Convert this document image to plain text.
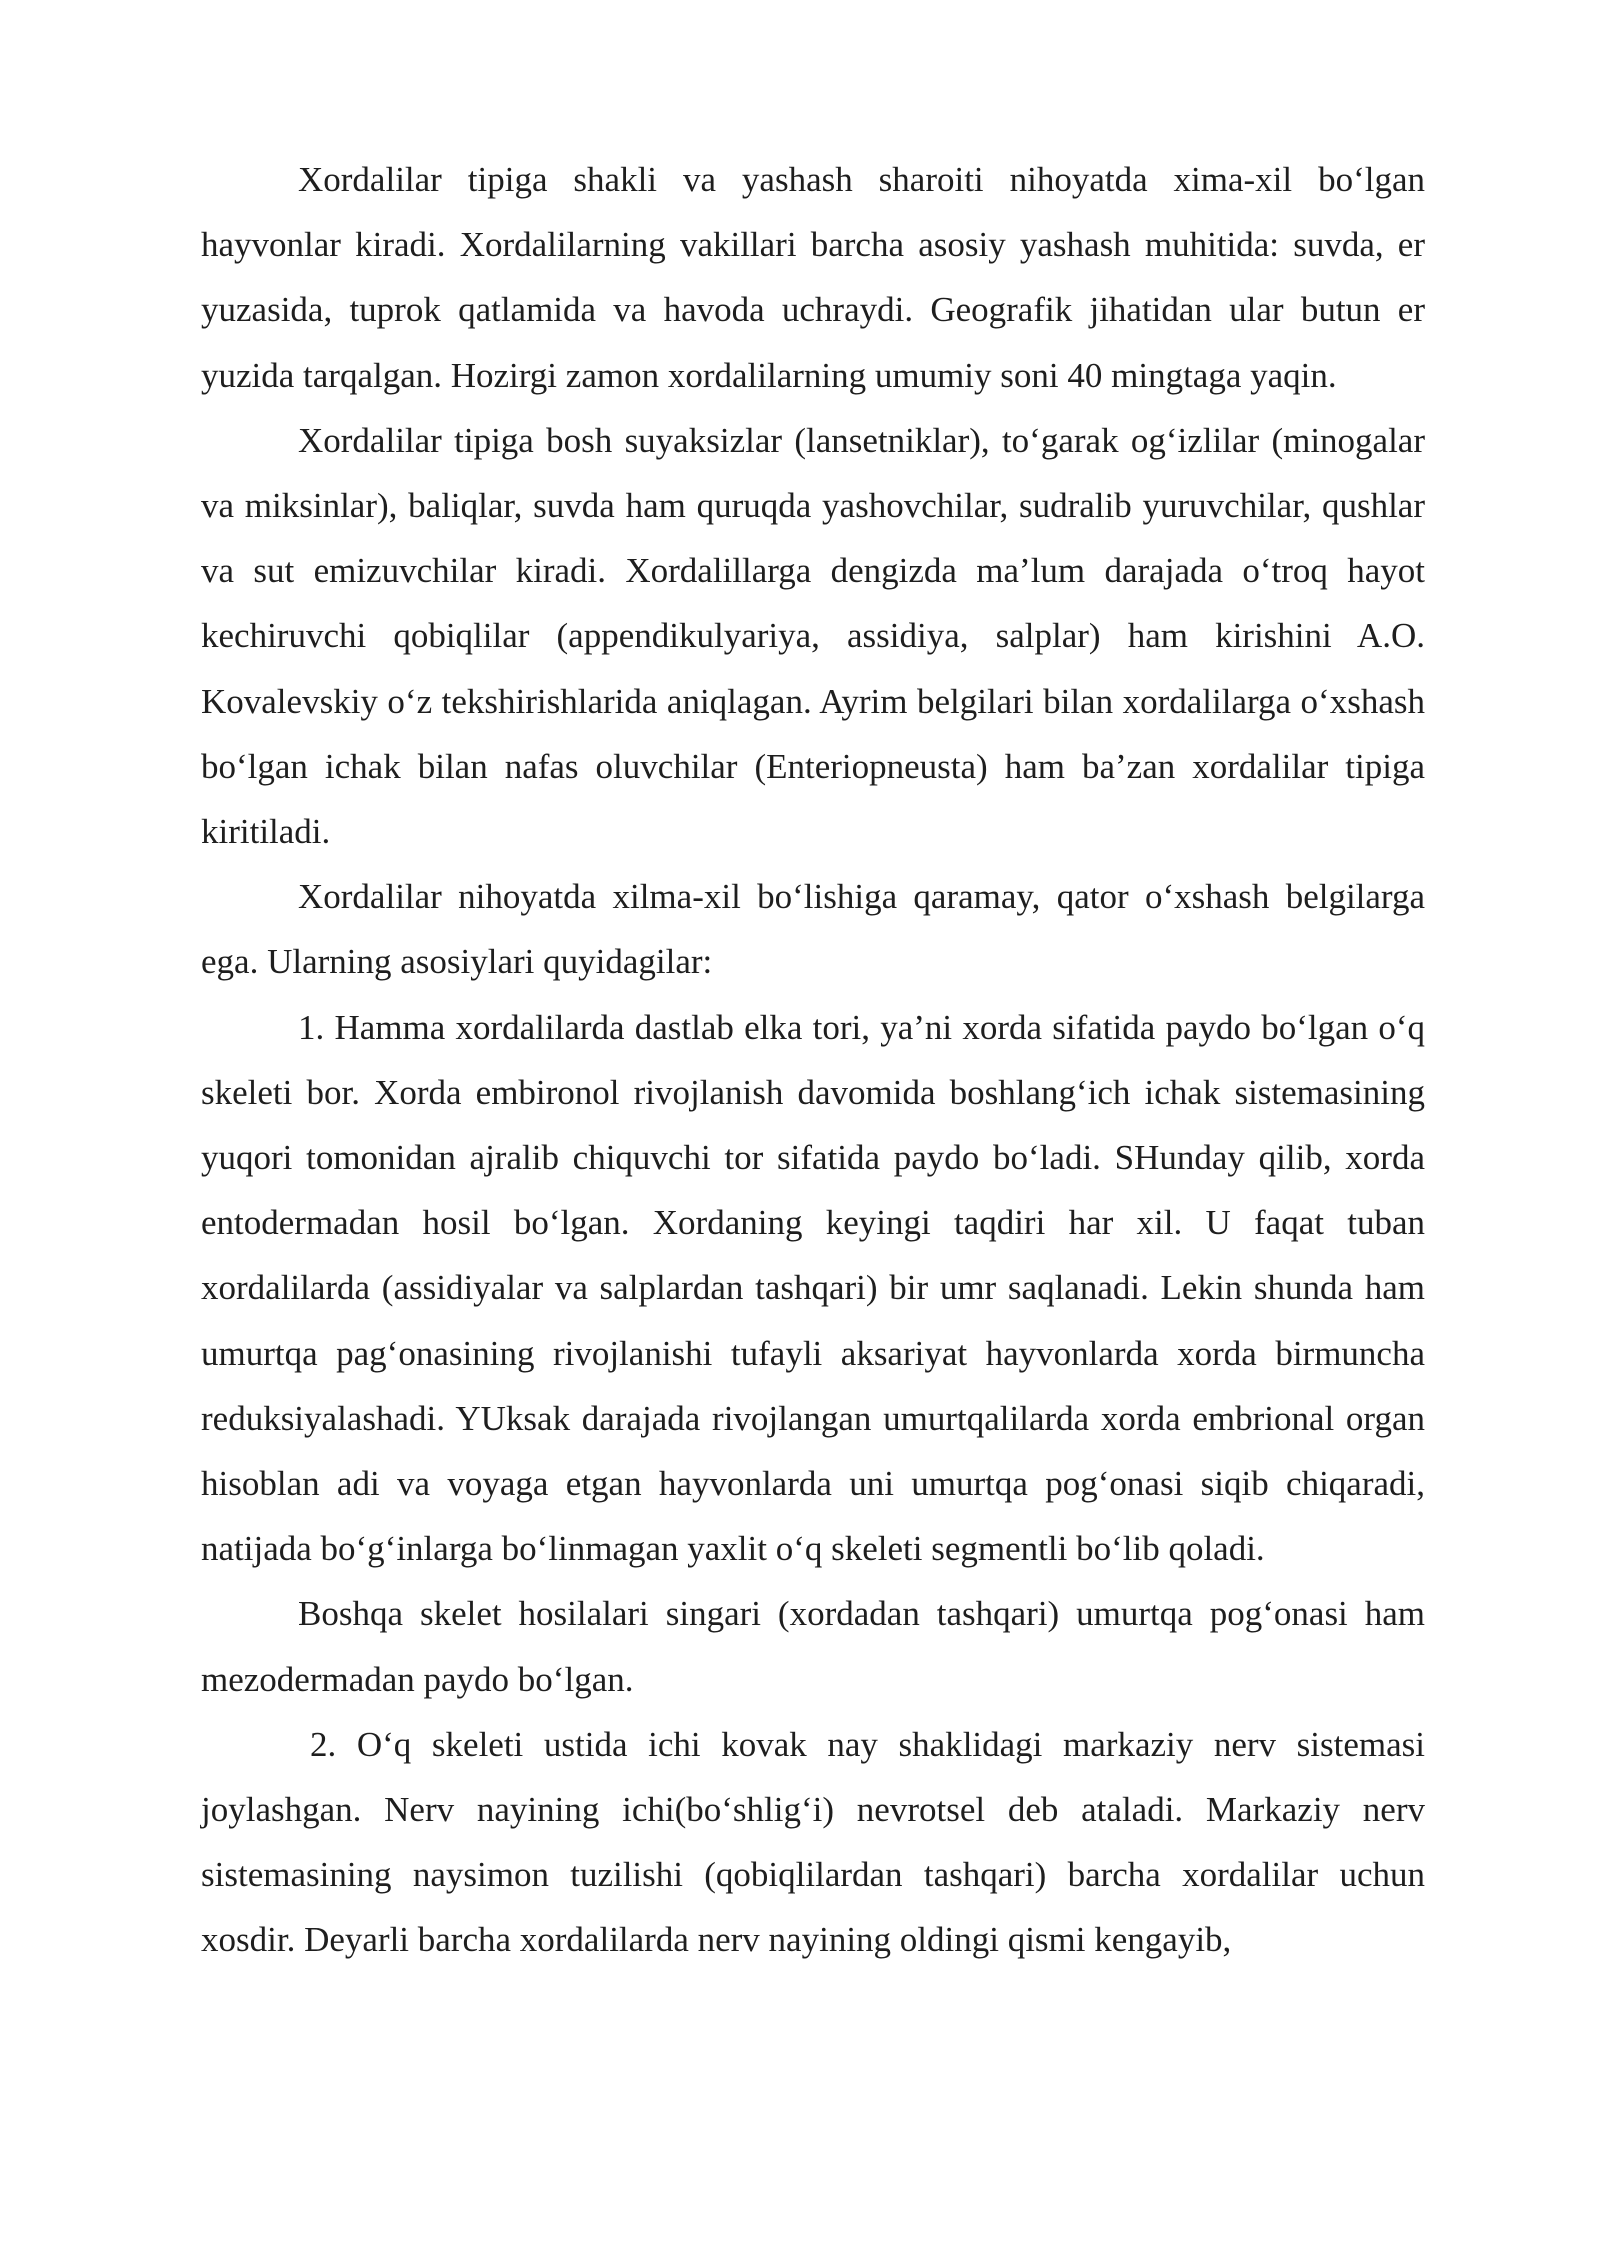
Xordalilar tipiga shakli va yashash sharoiti nihoyatda xima-xil bo‘lgan hayvonlar kiradi. Xordalilarning vakillari barcha asosiy yashash muhitida: suvda, er yuzasida, tuprok qatlamida va havoda uchraydi. Geografik jihatidan ular butun er yuzida tarqalgan. Hozirgi zamon xordalilarning umumiy soni 40 mingtaga yaqin.

Xordalilar tipiga bosh suyaksizlar (lansetniklar), to‘garak og‘izlilar (minogalar va miksinlar), baliqlar, suvda ham quruqda yashovchilar, sudralib yuruvchilar, qushlar va sut emizuvchilar kiradi. Xordalillarga dengizda ma’lum darajada o‘troq hayot kechiruvchi qobiqlilar (appendikulyariya, assidiya, salplar) ham kirishini A.O. Kovalevskiy o‘z tekshirishlarida aniqlagan. Ayrim belgilari bilan xordalilarga o‘xshash bo‘lgan ichak bilan nafas oluvchilar (Enteriopneusta) ham ba’zan xordalilar tipiga kiritiladi.

Xordalilar nihoyatda xilma-xil bo‘lishiga qaramay, qator o‘xshash belgilarga ega. Ularning asosiylari quyidagilar:

1. Hamma xordalilarda dastlab elka tori, ya’ni xorda sifatida paydo bo‘lgan o‘q skeleti bor. Xorda embironol rivojlanish davomida boshlang‘ich ichak sistemasining yuqori tomonidan ajralib chiquvchi tor sifatida paydo bo‘ladi. SHunday qilib, xorda entodermadan hosil bo‘lgan. Xordaning keyingi taqdiri har xil. U faqat tuban xordalilarda (assidiyalar va salplardan tashqari) bir umr saqlanadi. Lekin shunda ham umurtqa pag‘onasining rivojlanishi tufayli aksariyat hayvonlarda xorda birmuncha reduksiyalashadi. YUksak darajada rivojlangan umurtqalilarda xorda embrional organ hisoblan adi va voyaga etgan hayvonlarda uni umurtqa pog‘onasi siqib chiqaradi, natijada bo‘g‘inlarga bo‘linmagan yaxlit o‘q skeleti segmentli bo‘lib qoladi.

Boshqa skelet hosilalari singari (xordadan tashqari) umurtqa pog‘onasi ham mezodermadan paydo bo‘lgan.

2. O‘q skeleti ustida ichi kovak nay shaklidagi markaziy nerv sistemasi joylashgan. Nerv nayining ichi(bo‘shlig‘i) nevrotsel deb ataladi. Markaziy nerv sistemasining naysimon tuzilishi (qobiqlilardan tashqari) barcha xordalilar uchun xosdir. Deyarli barcha xordalilarda nerv nayining oldingi qismi kengayib,
